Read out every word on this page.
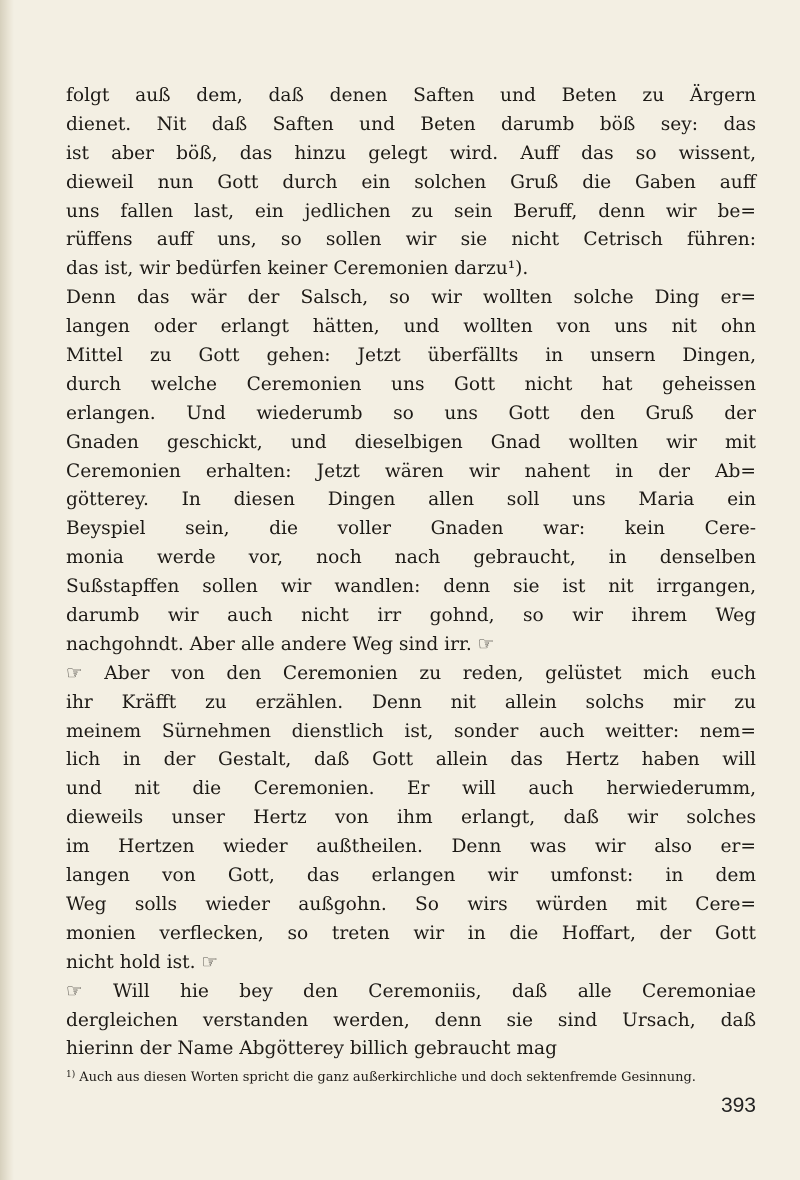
folgt auß dem, daß denen Saften und Beten zu Ärgern
dienet. Nit daß Saften und Beten darumb böß sey: das
ist aber böß, das hinzu gelegt wird. Auff das so wissent,
dieweil nun Gott durch ein solchen Gruß die Gaben auff
uns fallen last, ein jedlichen zu sein Beruff, denn wir be=
rüffens auff uns, so sollen wir sie nicht Cetrisch führen:
das ist, wir bedürfen keiner Ceremonien darzu¹).
Denn das wär der Salsch, so wir wollten solche Ding er=
langen oder erlangt hätten, und wollten von uns nit ohn
Mittel zu Gott gehen: Jetzt überfällts in unsern Dingen,
durch welche Ceremonien uns Gott nicht hat geheissen
erlangen. Und wiederumb so uns Gott den Gruß der
Gnaden geschickt, und dieselbigen Gnad wollten wir mit
Ceremonien erhalten: Jetzt wären wir nahent in der Ab=
götterey. In diesen Dingen allen soll uns Maria ein
Beyspiel sein, die voller Gnaden war: kein Cere-
monia werde vor, noch nach gebraucht, in denselben
Sußstapffen sollen wir wandlen: denn sie ist nit irrgangen,
darumb wir auch nicht irr gohnd, so wir ihrem Weg
nachgohndt. Aber alle andere Weg sind irr. ☞
☞ Aber von den Ceremonien zu reden, gelüstet mich euch
ihr Kräfft zu erzählen. Denn nit allein solchs mir zu
meinem Sürnehmen dienstlich ist, sonder auch weitter: nem=
lich in der Gestalt, daß Gott allein das Hertz haben will
und nit die Ceremonien. Er will auch herwiederumm,
dieweils unser Hertz von ihm erlangt, daß wir solches
im Hertzen wieder außtheilen. Denn was wir also er=
langen von Gott, das erlangen wir umfonst: in dem
Weg solls wieder außgohn. So wirs würden mit Cere=
monien verflecken, so treten wir in die Hoffart, der Gott
nicht hold ist. ☞
☞ Will hie bey den Ceremoniis, daß alle Ceremoniae
dergleichen verstanden werden, denn sie sind Ursach, daß
hierinn der Name Abgötterey billich gebraucht mag
$^{1)}$ Auch aus diesen Worten spricht die ganz außerkirchliche und doch sektenfremde Gesinnung.
393
